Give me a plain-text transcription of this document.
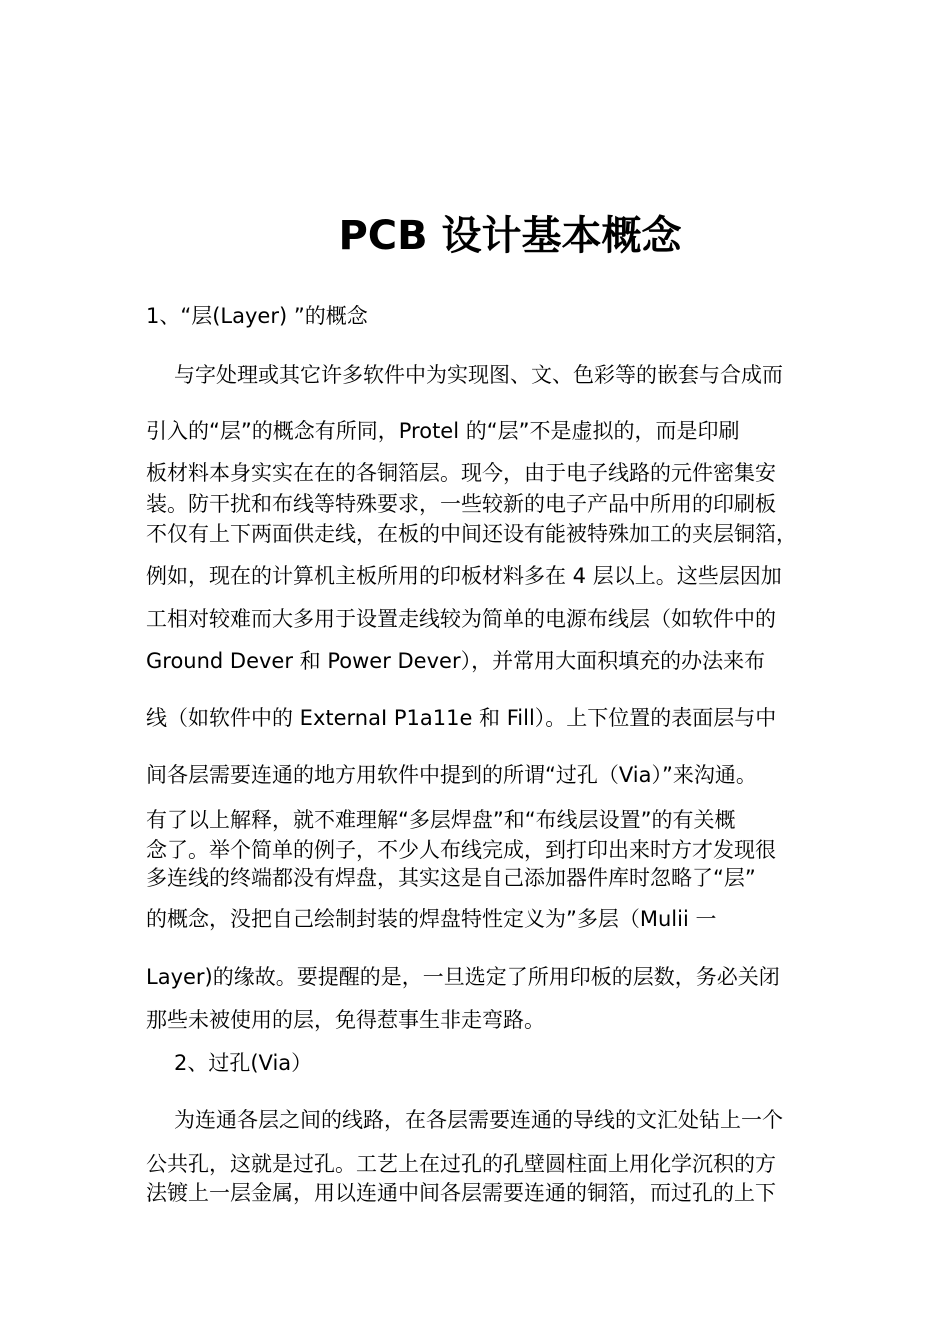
PCB 设计基本概念
1、“层(Layer) ”的概念
与字处理或其它许多软件中为实现图、文、色彩等的嵌套与合成而
引入的“层”的概念有所同，Protel 的“层”不是虚拟的，而是印刷
板材料本身实实在在的各铜箔层。现今，由于电子线路的元件密集安
装。防干扰和布线等特殊要求，一些较新的电子产品中所用的印刷板
不仅有上下两面供走线，在板的中间还设有能被特殊加工的夹层铜箔，
例如，现在的计算机主板所用的印板材料多在 4 层以上。这些层因加
工相对较难而大多用于设置走线较为简单的电源布线层（如软件中的
Ground Dever 和 Power Dever），并常用大面积填充的办法来布
线（如软件中的 ExternaI P1a11e 和 Fill）。上下位置的表面层与中
间各层需要连通的地方用软件中提到的所谓“过孔（Via）”来沟通。
有了以上解释，就不难理解“多层焊盘”和“布线层设置”的有关概
念了。举个简单的例子，不少人布线完成，到打印出来时方才发现很
多连线的终端都没有焊盘，其实这是自己添加器件库时忽略了“层”
的概念，没把自己绘制封装的焊盘特性定义为”多层（Mulii 一
Layer)的缘故。要提醒的是，一旦选定了所用印板的层数，务必关闭
那些未被使用的层，免得惹事生非走弯路。
2、过孔(Via）
为连通各层之间的线路，在各层需要连通的导线的文汇处钻上一个
公共孔，这就是过孔。工艺上在过孔的孔壁圆柱面上用化学沉积的方
法镀上一层金属，用以连通中间各层需要连通的铜箔，而过孔的上下
